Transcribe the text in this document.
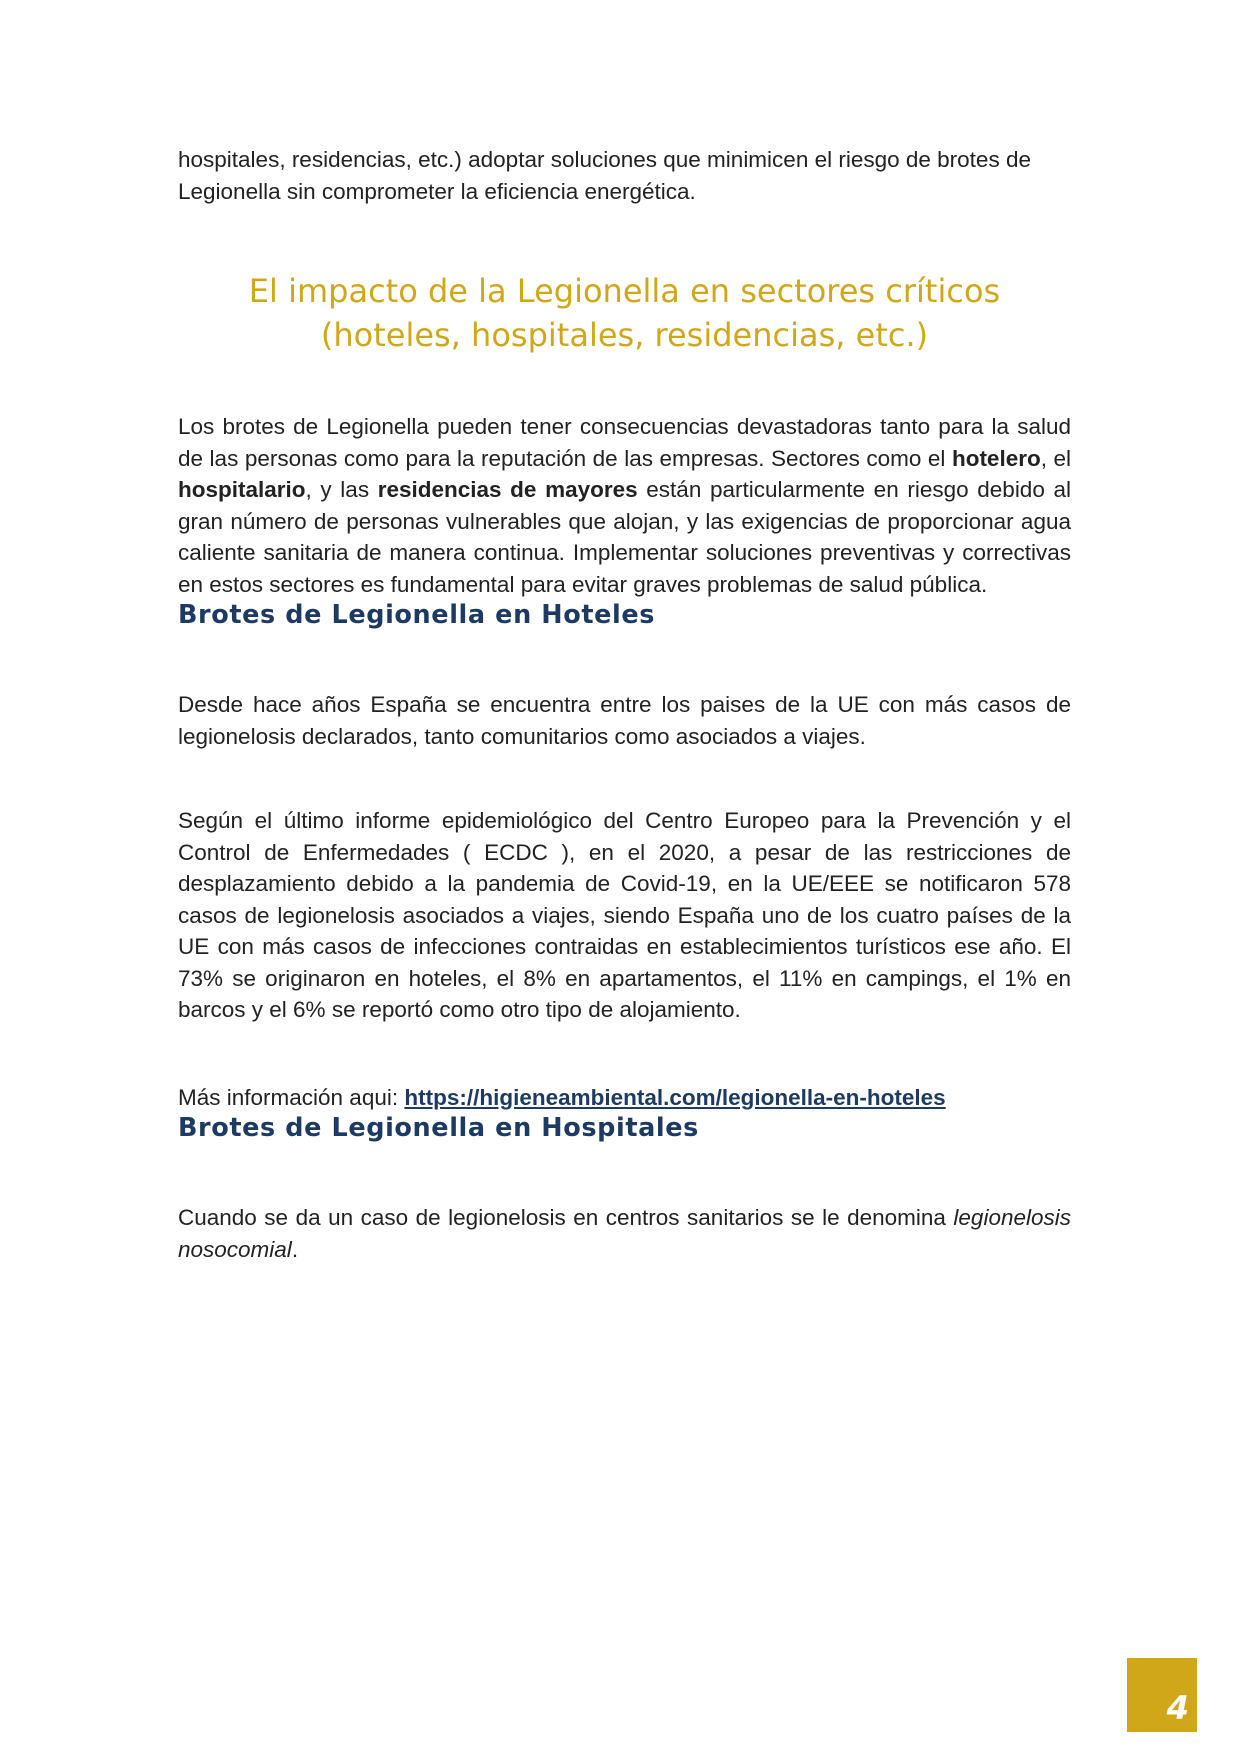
hospitales, residencias, etc.) adoptar soluciones que minimicen el riesgo de brotes de Legionella sin comprometer la eficiencia energética.

El impacto de la Legionella en sectores críticos
(hoteles, hospitales, residencias, etc.)

Los brotes de Legionella pueden tener consecuencias devastadoras tanto para la salud de las personas como para la reputación de las empresas. Sectores como el hotelero, el hospitalario, y las residencias de mayores están particularmente en riesgo debido al gran número de personas vulnerables que alojan, y las exigencias de proporcionar agua caliente sanitaria de manera continua. Implementar soluciones preventivas y correctivas en estos sectores es fundamental para evitar graves problemas de salud pública.

Brotes de Legionella en Hoteles

Desde hace años España se encuentra entre los paises de la UE con más casos de legionelosis declarados, tanto comunitarios como asociados a viajes.

Según el último informe epidemiológico del Centro Europeo para la Prevención y el Control de Enfermedades ( ECDC ), en el 2020, a pesar de las restricciones de desplazamiento debido a la pandemia de Covid-19, en la UE/EEE se notificaron 578 casos de legionelosis asociados a viajes, siendo España uno de los cuatro países de la UE con más casos de infecciones contraidas en establecimientos turísticos ese año. El 73% se originaron en hoteles, el 8% en apartamentos, el 11% en campings, el 1% en barcos y el 6% se reportó como otro tipo de alojamiento.

Más información aqui: https://higieneambiental.com/legionella-en-hoteles

Brotes de Legionella en Hospitales

Cuando se da un caso de legionelosis en centros sanitarios se le denomina legionelosis nosocomial.

4
